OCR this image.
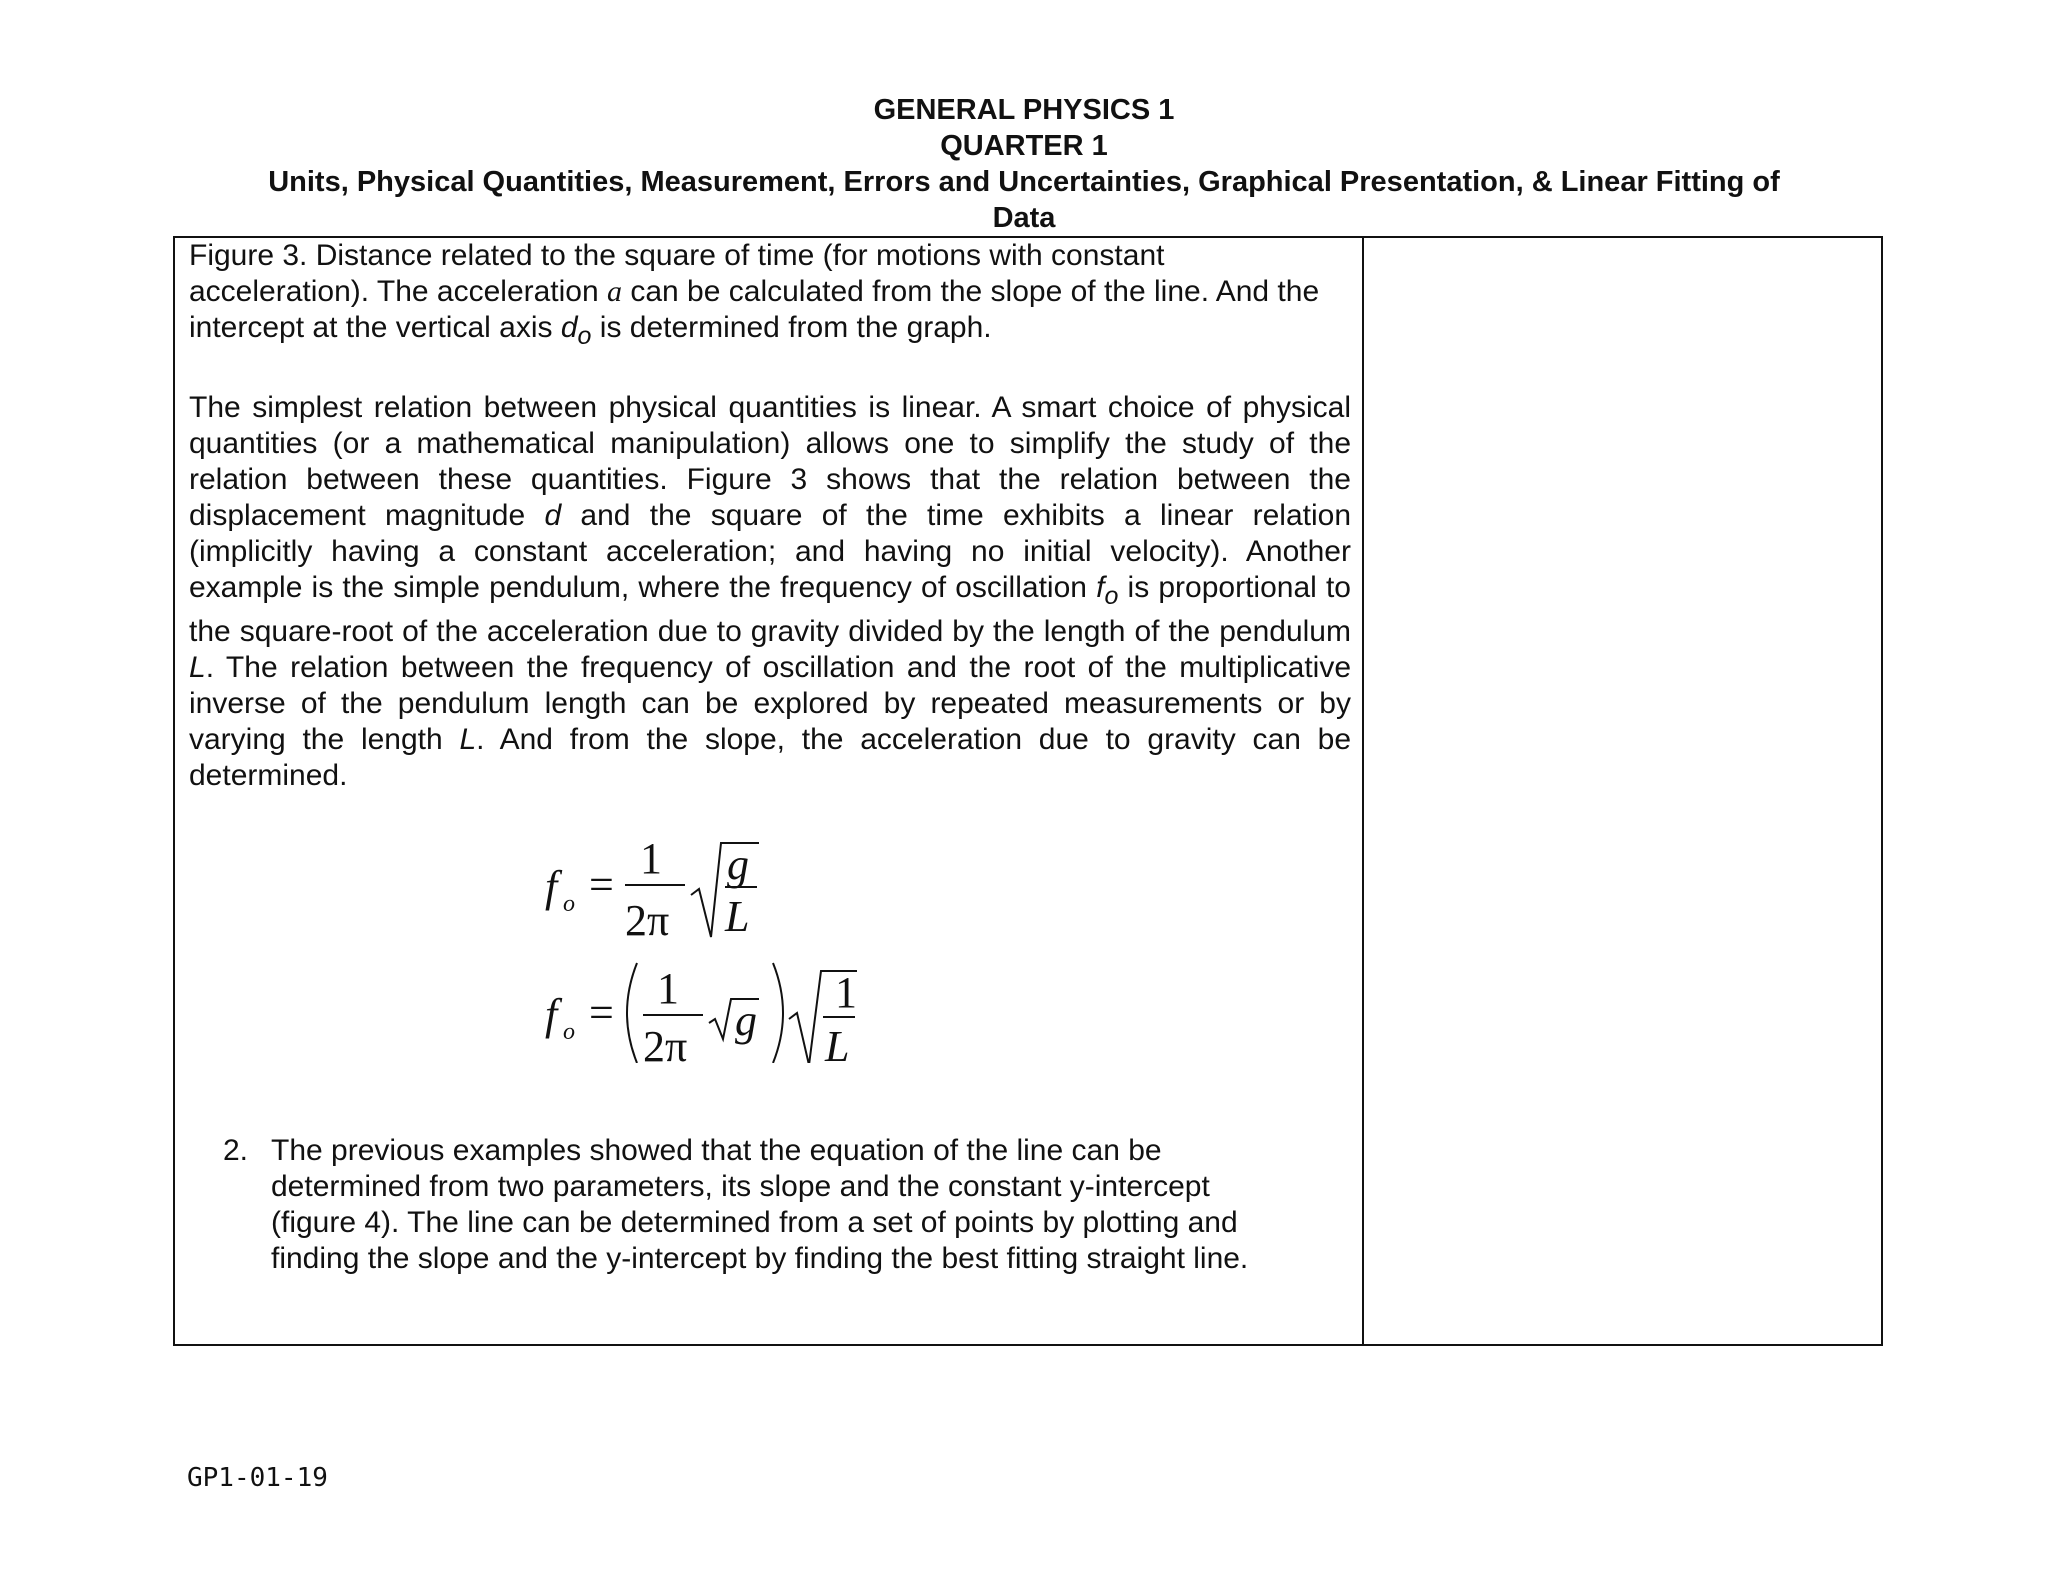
GENERAL PHYSICS 1
QUARTER 1
Units, Physical Quantities, Measurement, Errors and Uncertainties, Graphical Presentation, & Linear Fitting of
Data

Figure 3. Distance related to the square of time (for motions with constant acceleration). The acceleration a can be calculated from the slope of the line. And the intercept at the vertical axis $d_o$ is determined from the graph.

The simplest relation between physical quantities is linear. A smart choice of physical quantities (or a mathematical manipulation) allows one to simplify the study of the relation between these quantities. Figure 3 shows that the relation between the displacement magnitude d and the square of the time exhibits a linear relation (implicitly having a constant acceleration; and having no initial velocity). Another example is the simple pendulum, where the frequency of oscillation $f_o$ is proportional to the square-root of the acceleration due to gravity divided by the length of the pendulum L. The relation between the frequency of oscillation and the root of the multiplicative inverse of the pendulum length can be explored by repeated measurements or by varying the length L. And from the slope, the acceleration due to gravity can be determined.

f o =
1
2π
g
L
f o = 1
2π
g
1
L
2. The previous examples showed that the equation of the line can be determined from two parameters, its slope and the constant y-intercept (figure 4). The line can be determined from a set of points by plotting and finding the slope and the y-intercept by finding the best fitting straight line.
GP1-01-19
